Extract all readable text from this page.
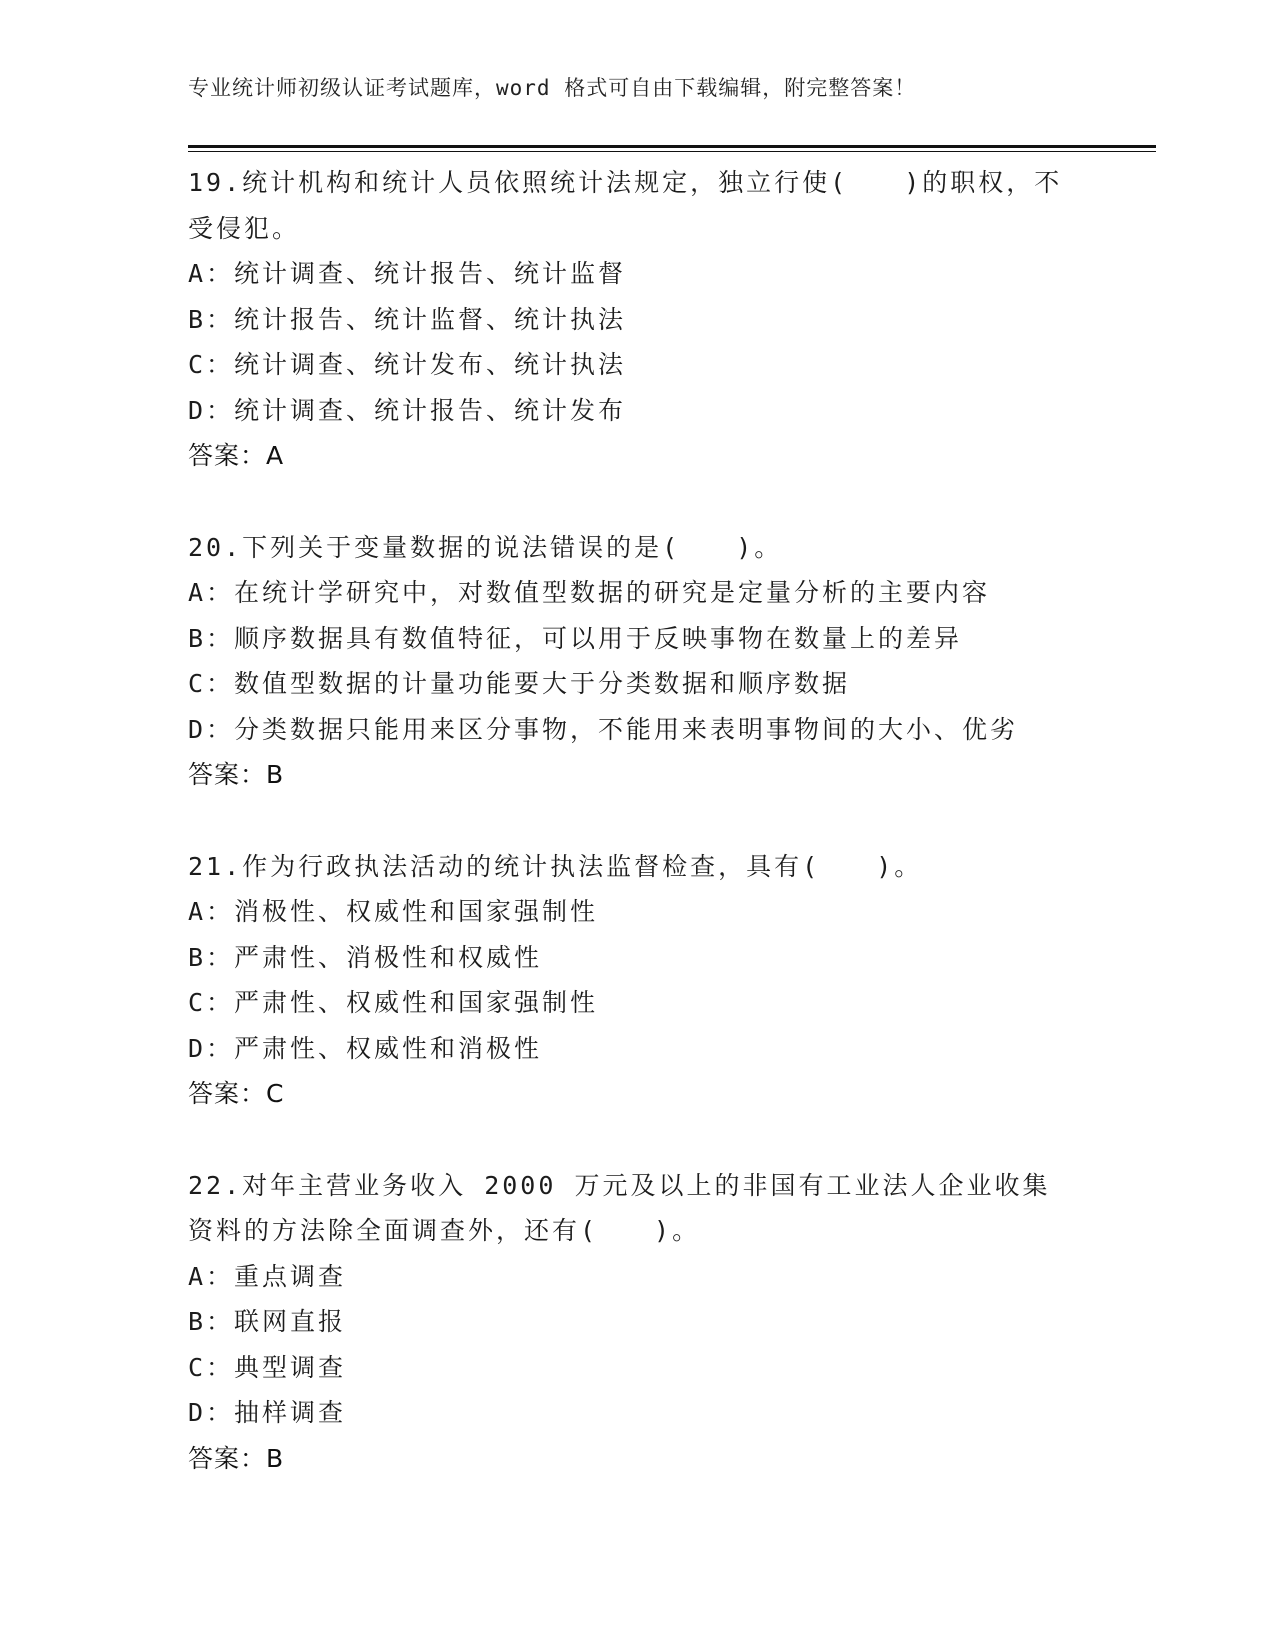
专业统计师初级认证考试题库，word 格式可自由下载编辑，附完整答案！
19.统计机构和统计人员依照统计法规定，独立行使(　　)的职权，不受侵犯。
A：统计调查、统计报告、统计监督
B：统计报告、统计监督、统计执法
C：统计调查、统计发布、统计执法
D：统计调查、统计报告、统计发布
答案：A
20.下列关于变量数据的说法错误的是(　　)。
A：在统计学研究中，对数值型数据的研究是定量分析的主要内容
B：顺序数据具有数值特征，可以用于反映事物在数量上的差异
C：数值型数据的计量功能要大于分类数据和顺序数据
D：分类数据只能用来区分事物，不能用来表明事物间的大小、优劣
答案：B
21.作为行政执法活动的统计执法监督检查，具有(　　)。
A：消极性、权威性和国家强制性
B：严肃性、消极性和权威性
C：严肃性、权威性和国家强制性
D：严肃性、权威性和消极性
答案：C
22.对年主营业务收入 2000 万元及以上的非国有工业法人企业收集资料的方法除全面调查外，还有(　　)。
A：重点调查
B：联网直报
C：典型调查
D：抽样调查
答案：B
